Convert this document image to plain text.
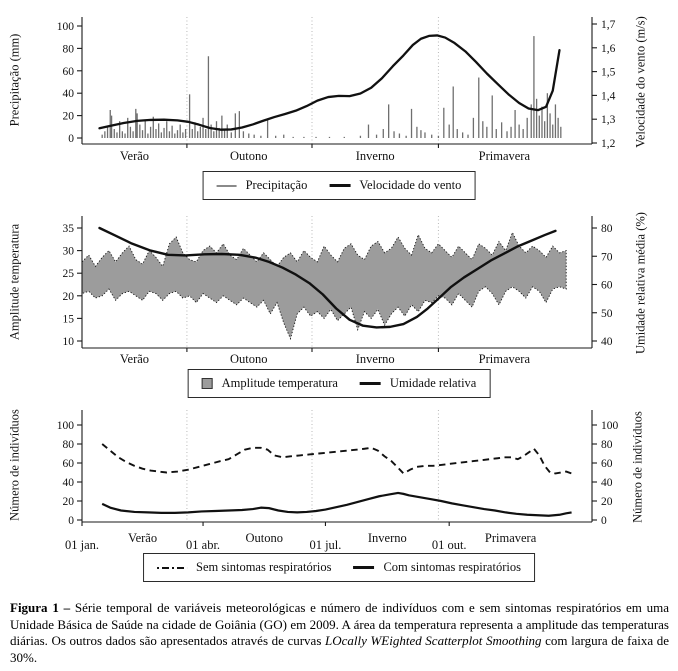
0
20
40
60
80
100
1,2
1,3
1,4
1,5
1,6
1,7
Verão	Outono	Inverno	Primavera
10
15
20
25
30
35
40
50
60
70
80
Verão	Outono	Inverno	Primavera
0
20
40
60
80
100
0
20
40
60
80
100
01 jan.	01 abr.	01 jul.	01 out.
Verão	Outono	Inverno	Primavera
Precipitação (mm)	Velocidade do vento (m/s)
Amplitude temperatura	Umidade relativa média (%)
Número de indivíduos	Número de indivíduos
Precipitação	Velocidade do vento
Amplitude temperatura	Umidade relativa
Sem sintomas respiratórios	Com sintomas respiratórios

Figura 1 – Série temporal de variáveis meteorológicas e número de indivíduos com e sem sintomas respiratórios em uma Unidade Básica de Saúde na cidade de Goiânia (GO) em 2009. A área da temperatura representa a amplitude das temperaturas diárias. Os outros dados são apresentados através de curvas LOcally WEighted Scatterplot Smoothing com largura de faixa de 30%.
